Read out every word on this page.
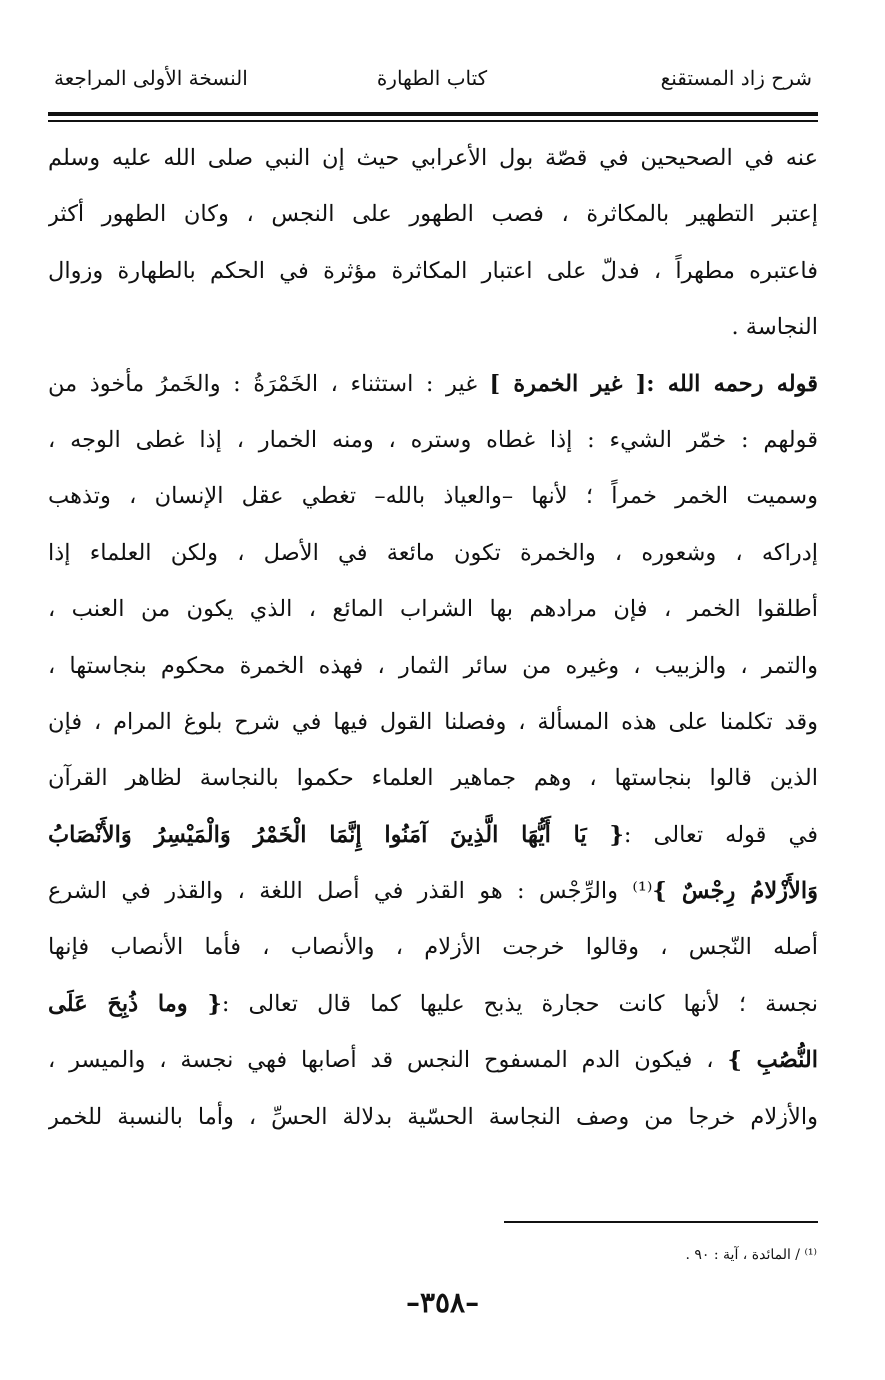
شرح زاد المستقنع
كتاب الطهارة
النسخة الأولى المراجعة
عنه في الصحيحين في قصّة بول الأعرابي حيث إن النبي صلى الله عليه وسلم
إعتبر التطهير بالمكاثرة ، فصب الطهور على النجس ، وكان الطهور أكثر
فاعتبره مطهراً ، فدلّ على اعتبار المكاثرة مؤثرة في الحكم بالطهارة وزوال
النجاسة .
قوله رحمه الله :[ غير الخمرة ] غير : استثناء ، الخَمْرَةُ : والخَمرُ مأخوذ من
قولهم : خمّر الشيء : إذا غطاه وستره ، ومنه الخمار ، إذا غطى الوجه ،
وسميت الخمر خمراً ؛ لأنها –والعياذ بالله– تغطي عقل الإنسان ، وتذهب
إدراكه ، وشعوره ، والخمرة تكون مائعة في الأصل ، ولكن العلماء إذا
أطلقوا الخمر ، فإن مرادهم بها الشراب المائع ، الذي يكون من العنب ،
والتمر ، والزبيب ، وغيره من سائر الثمار ، فهذه الخمرة محكوم بنجاستها ،
وقد تكلمنا على هذه المسألة ، وفصلنا القول فيها في شرح بلوغ المرام ، فإن
الذين قالوا بنجاستها ، وهم جماهير العلماء حكموا بالنجاسة لظاهر القرآن
في قوله تعالى :{ يَا أَيُّهَا الَّذِينَ آمَنُوا إِنَّمَا الْخَمْرُ وَالْمَيْسِرُ وَالأَنْصَابُ
وَالأَزْلامُ رِجْسٌ }⁽¹⁾ والرِّجْس : هو القذر في أصل اللغة ، والقذر في الشرع
أصله النّجس ، وقالوا خرجت الأزلام ، والأنصاب ، فأما الأنصاب فإنها
نجسة ؛ لأنها كانت حجارة يذبح عليها كما قال تعالى :{ وما ذُبِحَ عَلَى
النُّصُبِ } ، فيكون الدم المسفوح النجس قد أصابها فهي نجسة ، والميسر ،
والأزلام خرجا من وصف النجاسة الحسّية بدلالة الحسِّ ، وأما بالنسبة للخمر
⁽¹⁾ / المائدة ، آية : ٩٠ .
–٣٥٨–
